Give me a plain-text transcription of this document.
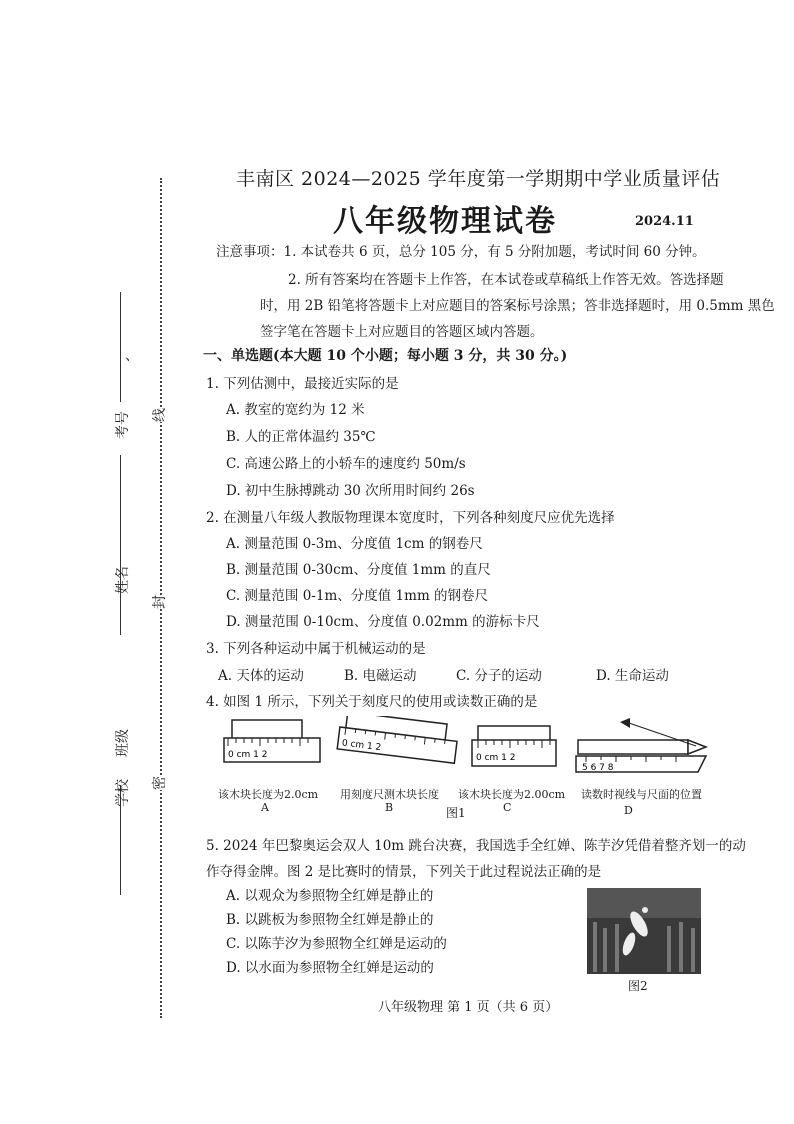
考号
姓名
班级
学校
、
线
封
密
丰南区 2024—2025 学年度第一学期期中学业质量评估
八年级物理试卷	2024.11
注意事项：1. 本试卷共 6 页，总分 105 分，有 5 分附加题，考试时间 60 分钟。
2. 所有答案均在答题卡上作答，在本试卷或草稿纸上作答无效。答选择题
时，用 2B 铅笔将答题卡上对应题目的答案标号涂黑；答非选择题时，用 0.5mm 黑色
签字笔在答题卡上对应题目的答题区域内答题。
一、单选题(本大题 10 个小题；每小题 3 分，共 30 分。)
1. 下列估测中，最接近实际的是
A. 教室的宽约为 12 米
B. 人的正常体温约 35℃
C. 高速公路上的小轿车的速度约 50m/s
D. 初中生脉搏跳动 30 次所用时间约 26s
2. 在测量八年级人教版物理课本宽度时，下列各种刻度尺应优先选择
A. 测量范围 0-3m、分度值 1cm 的钢卷尺
B. 测量范围 0-30cm、分度值 1mm 的直尺
C. 测量范围 0-1m、分度值 1mm 的钢卷尺
D. 测量范围 0-10cm、分度值 0.02mm 的游标卡尺
3. 下列各种运动中属于机械运动的是
A. 天体的运动	B. 电磁运动	C. 分子的运动	D. 生命运动
4. 如图 1 所示，下列关于刻度尺的使用或读数正确的是
0 cm 1 2
0 cm 1 2
0 cm 1 2
5 6 7 8
该木块长度为2.0cm 用刻度尺测木块长度 该木块长度为2.00cm 读数时视线与尺面的位置
A	B	C	D
图1
5. 2024 年巴黎奥运会双人 10m 跳台决赛，我国选手全红婵、陈芋汐凭借着整齐划一的动
作夺得金牌。图 2 是比赛时的情景，下列关于此过程说法正确的是
A. 以观众为参照物全红婵是静止的
B. 以跳板为参照物全红婵是静止的
C. 以陈芋汐为参照物全红婵是运动的
D. 以水面为参照物全红婵是运动的
图2
八年级物理 第 1 页（共 6 页）
